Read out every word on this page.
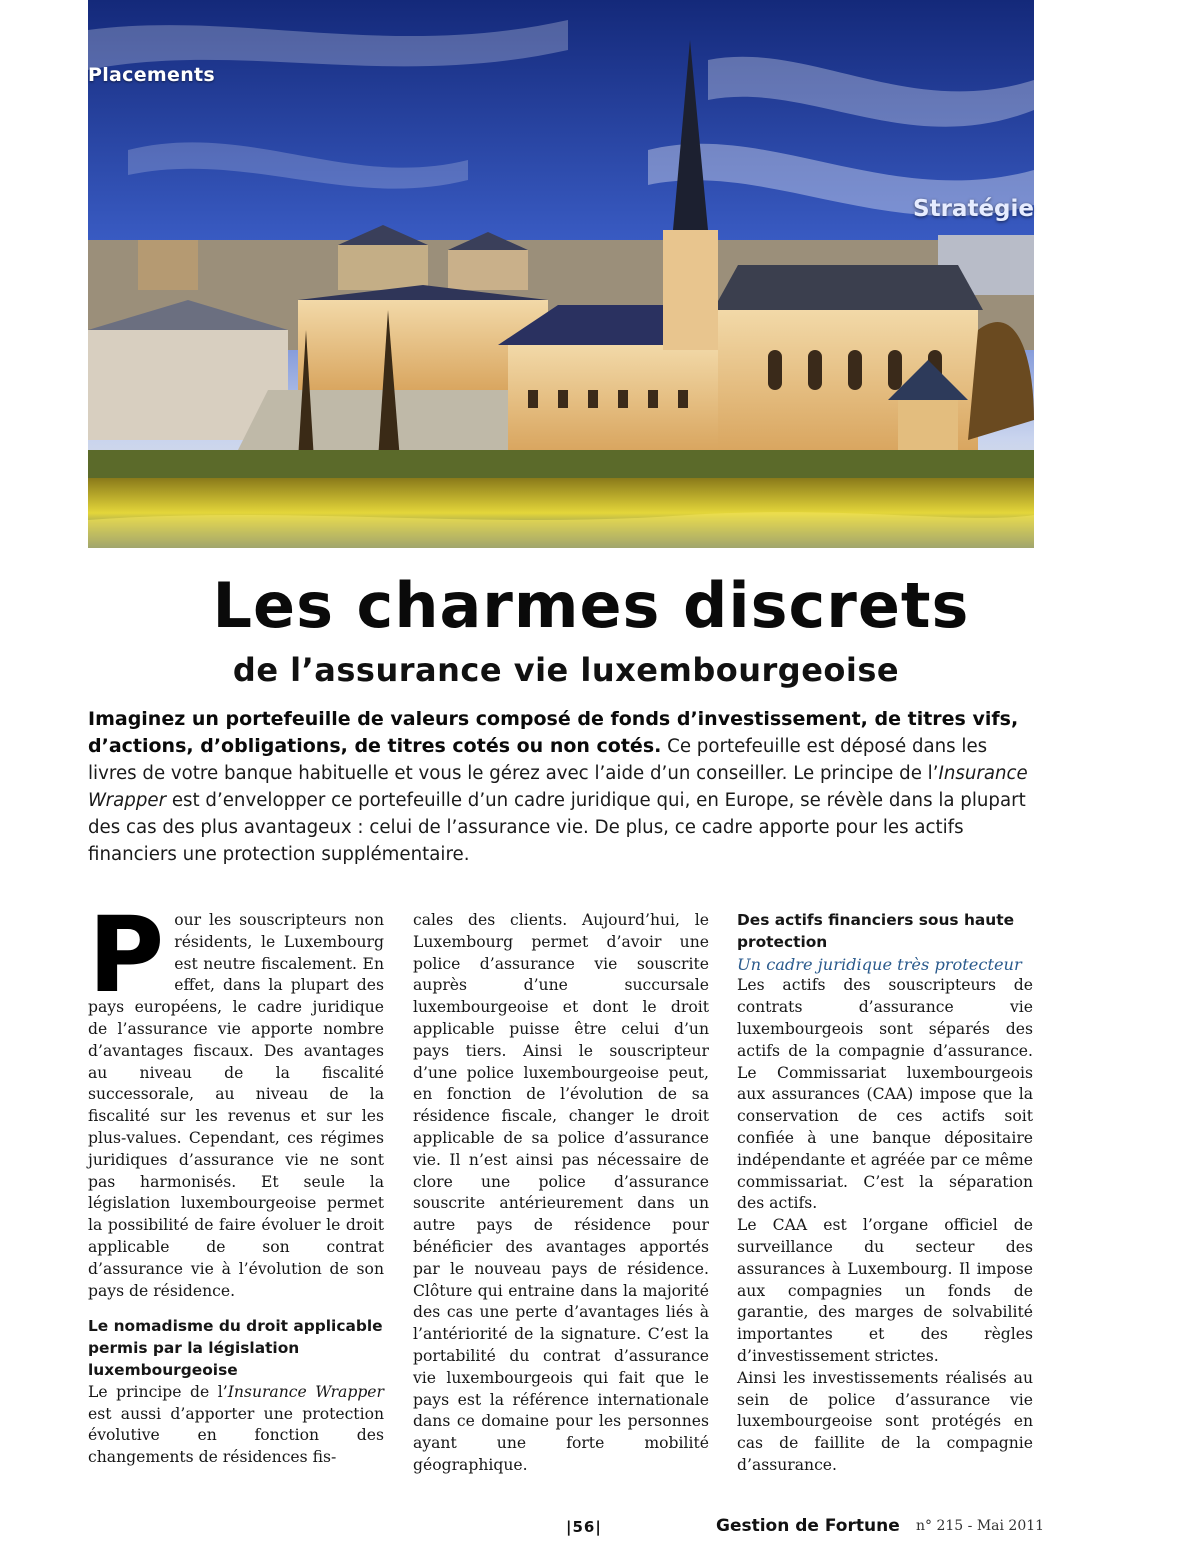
Placements
Stratégie
Les charmes discrets
de l’assurance vie luxembourgeoise

Imaginez un portefeuille de valeurs composé de fonds d’investissement, de titres vifs, d’actions, d’obligations, de titres cotés ou non cotés. Ce portefeuille est déposé dans les livres de votre banque habituelle et vous le gérez avec l’aide d’un conseiller. Le principe de l’Insurance Wrapper est d’envelopper ce portefeuille d’un cadre juridique qui, en Europe, se révèle dans la plupart des cas des plus avantageux : celui de l’assurance vie. De plus, ce cadre apporte pour les actifs financiers une protection supplémentaire.

Pour les souscripteurs non résidents, le Luxembourg est neutre fiscalement. En effet, dans la plupart des pays européens, le cadre juridique de l’assurance vie apporte nombre d’avantages fiscaux. Des avantages au niveau de la fiscalité successorale, au niveau de la fiscalité sur les revenus et sur les plus-values. Cependant, ces régimes juridiques d’assurance vie ne sont pas harmonisés. Et seule la législation luxembourgeoise permet la possibilité de faire évoluer le droit applicable de son contrat d’assurance vie à l’évolution de son pays de résidence.

Le nomadisme du droit applicable permis par la législation luxembourgeoise

Le principe de l’Insurance Wrapper est aussi d’apporter une protection évolutive en fonction des changements de résidences fis-

cales des clients. Aujourd’hui, le Luxembourg permet d’avoir une police d’assurance vie souscrite auprès d’une succursale luxembourgeoise et dont le droit applicable puisse être celui d’un pays tiers. Ainsi le souscripteur d’une police luxembourgeoise peut, en fonction de l’évolution de sa résidence fiscale, changer le droit applicable de sa police d’assurance vie. Il n’est ainsi pas nécessaire de clore une police d’assurance souscrite antérieurement dans un autre pays de résidence pour bénéficier des avantages apportés par le nouveau pays de résidence. Clôture qui entraine dans la majorité des cas une perte d’avantages liés à l’antériorité de la signature. C’est la portabilité du contrat d’assurance vie luxembourgeois qui fait que le pays est la référence internationale dans ce domaine pour les personnes ayant une forte mobilité géographique.

Des actifs financiers sous haute protection

Un cadre juridique très protecteur

Les actifs des souscripteurs de contrats d’assurance vie luxembourgeois sont séparés des actifs de la compagnie d’assurance. Le Commissariat luxembourgeois aux assurances (CAA) impose que la conservation de ces actifs soit confiée à une banque dépositaire indépendante et agréée par ce même commissariat. C’est la séparation des actifs.

Le CAA est l’organe officiel de surveillance du secteur des assurances à Luxembourg. Il impose aux compagnies un fonds de garantie, des marges de solvabilité importantes et des règles d’investissement strictes.

Ainsi les investissements réalisés au sein de police d’assurance vie luxembourgeoise sont protégés en cas de faillite de la compagnie d’assurance.

|56|	Gestion de Fortune n° 215 - Mai 2011
